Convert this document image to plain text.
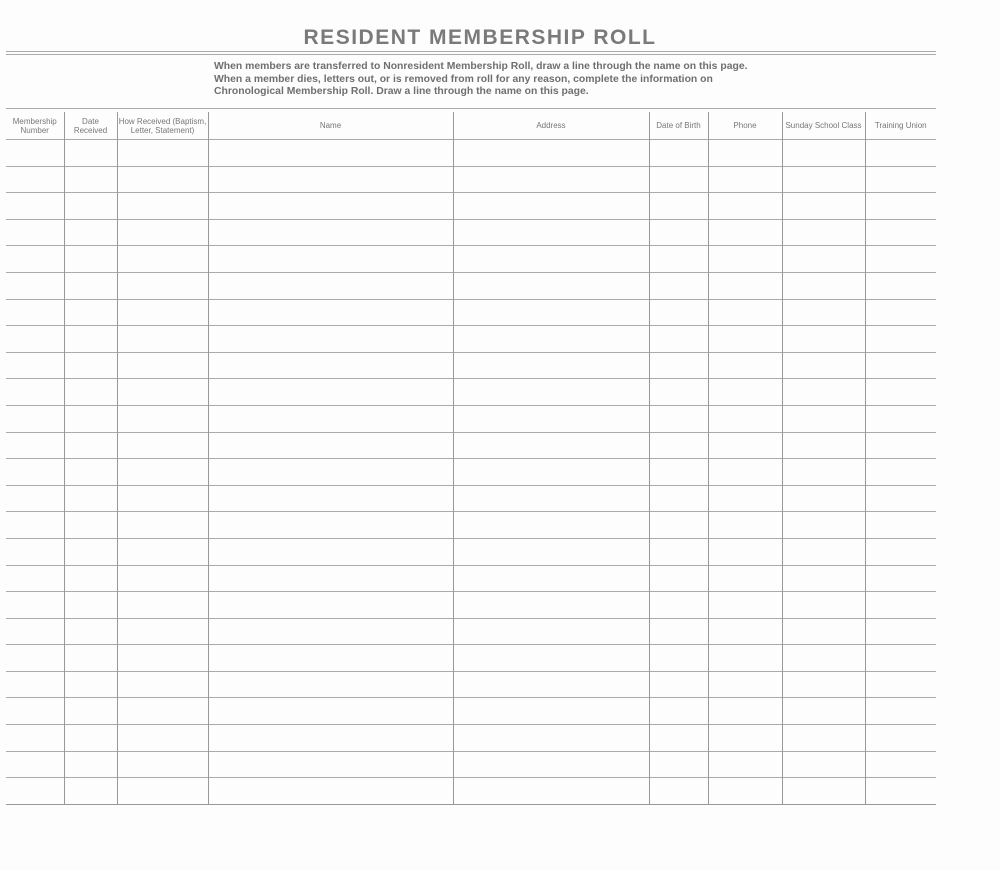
RESIDENT MEMBERSHIP ROLL
When members are transferred to Nonresident Membership Roll, draw a line through the name on this page. When a member dies, letters out, or is removed from roll for any reason, complete the information on Chronological Membership Roll. Draw a line through the name on this page.
Membership Number	Date Received	How Received (Baptism, Letter, Statement)	Name	Address	Date of Birth	Phone	Sunday School Class	Training Union
